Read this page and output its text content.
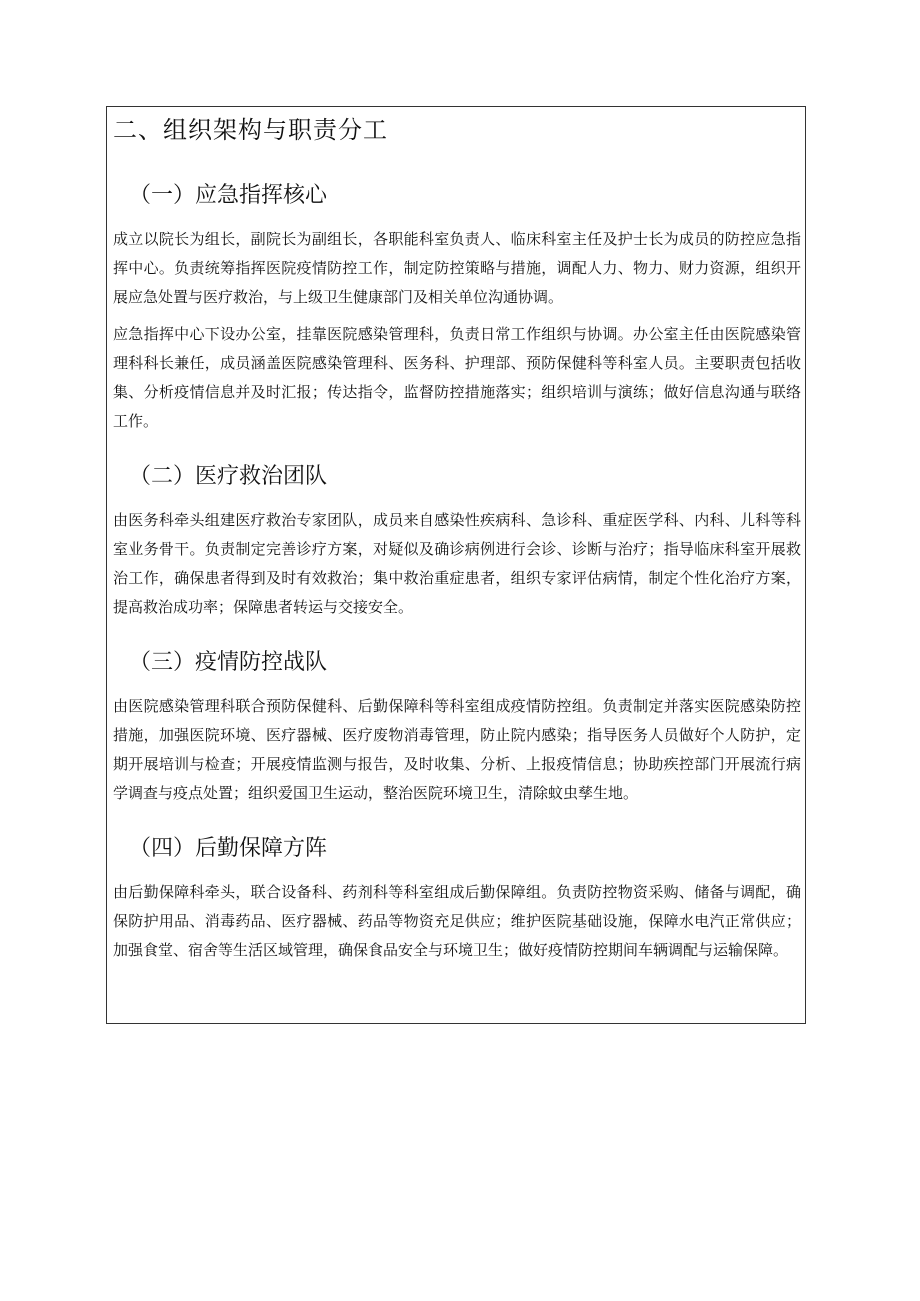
二、组织架构与职责分工
（一）应急指挥核心

成立以院长为组长，副院长为副组长，各职能科室负责人、临床科室主任及护士长为成员的防控应急指挥中心。负责统筹指挥医院疫情防控工作，制定防控策略与措施，调配人力、物力、财力资源，组织开展应急处置与医疗救治，与上级卫生健康部门及相关单位沟通协调。

应急指挥中心下设办公室，挂靠医院感染管理科，负责日常工作组织与协调。办公室主任由医院感染管理科科长兼任，成员涵盖医院感染管理科、医务科、护理部、预防保健科等科室人员。主要职责包括收集、分析疫情信息并及时汇报；传达指令，监督防控措施落实；组织培训与演练；做好信息沟通与联络工作。

（二）医疗救治团队

由医务科牵头组建医疗救治专家团队，成员来自感染性疾病科、急诊科、重症医学科、内科、儿科等科室业务骨干。负责制定完善诊疗方案，对疑似及确诊病例进行会诊、诊断与治疗；指导临床科室开展救治工作，确保患者得到及时有效救治；集中救治重症患者，组织专家评估病情，制定个性化治疗方案，提高救治成功率；保障患者转运与交接安全。

（三）疫情防控战队

由医院感染管理科联合预防保健科、后勤保障科等科室组成疫情防控组。负责制定并落实医院感染防控措施，加强医院环境、医疗器械、医疗废物消毒管理，防止院内感染；指导医务人员做好个人防护，定期开展培训与检查；开展疫情监测与报告，及时收集、分析、上报疫情信息；协助疾控部门开展流行病学调查与疫点处置；组织爱国卫生运动，整治医院环境卫生，清除蚊虫孳生地。

（四）后勤保障方阵

由后勤保障科牵头，联合设备科、药剂科等科室组成后勤保障组。负责防控物资采购、储备与调配，确保防护用品、消毒药品、医疗器械、药品等物资充足供应；维护医院基础设施，保障水电汽正常供应；加强食堂、宿舍等生活区域管理，确保食品安全与环境卫生；做好疫情防控期间车辆调配与运输保障。
